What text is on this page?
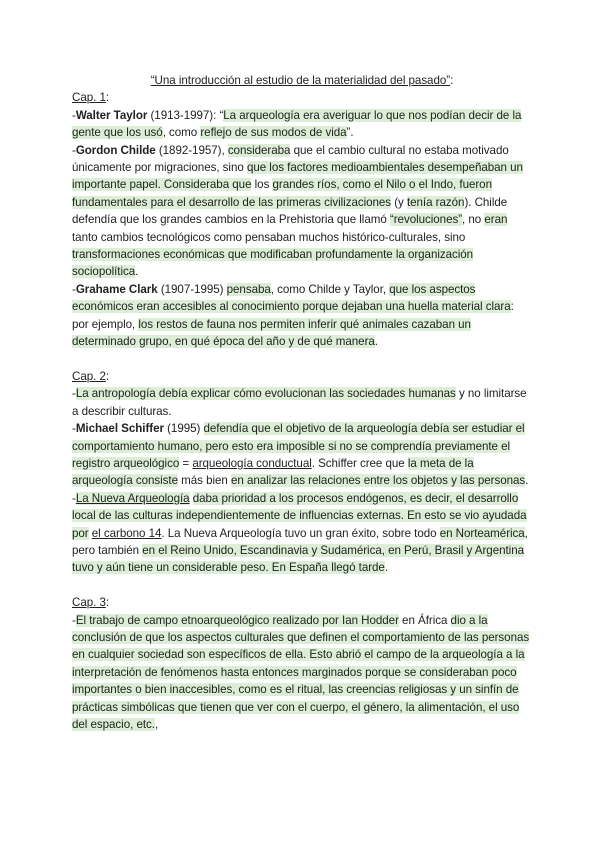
“Una introducción al estudio de la materialidad del pasado”:

Cap. 1:

-Walter Taylor (1913-1997): “La arqueología era averiguar lo que nos podían decir de la gente que los usó, como reflejo de sus modos de vida”.

-Gordon Childe (1892-1957), consideraba que el cambio cultural no estaba motivado únicamente por migraciones, sino que los factores medioambientales desempeñaban un importante papel. Consideraba que los grandes ríos, como el Nilo o el Indo, fueron fundamentales para el desarrollo de las primeras civilizaciones (y tenía razón). Childe defendía que los grandes cambios en la Prehistoria que llamó “revoluciones”, no eran tanto cambios tecnológicos como pensaban muchos histórico-culturales, sino transformaciones económicas que modificaban profundamente la organización sociopolítica.

-Grahame Clark (1907-1995) pensaba, como Childe y Taylor, que los aspectos económicos eran accesibles al conocimiento porque dejaban una huella material clara: por ejemplo, los restos de fauna nos permiten inferir qué animales cazaban un determinado grupo, en qué época del año y de qué manera.

Cap. 2:

-La antropología debía explicar cómo evolucionan las sociedades humanas y no limitarse a describir culturas.

-Michael Schiffer (1995) defendía que el objetivo de la arqueología debía ser estudiar el comportamiento humano, pero esto era imposible si no se comprendía previamente el registro arqueológico = arqueología conductual. Schiffer cree que la meta de la arqueología consiste más bien en analizar las relaciones entre los objetos y las personas.

-La Nueva Arqueología daba prioridad a los procesos endógenos, es decir, el desarrollo local de las culturas independientemente de influencias externas. En esto se vio ayudada por el carbono 14. La Nueva Arqueología tuvo un gran éxito, sobre todo en Norteamérica, pero también en el Reino Unido, Escandinavia y Sudamérica, en Perú, Brasil y Argentina tuvo y aún tiene un considerable peso. En España llegó tarde.

Cap. 3:

-El trabajo de campo etnoarqueológico realizado por Ian Hodder en África dio a la conclusión de que los aspectos culturales que definen el comportamiento de las personas en cualquier sociedad son específicos de ella. Esto abrió el campo de la arqueología a la interpretación de fenómenos hasta entonces marginados porque se consideraban poco importantes o bien inaccesibles, como es el ritual, las creencias religiosas y un sinfín de prácticas simbólicas que tienen que ver con el cuerpo, el género, la alimentación, el uso del espacio, etc.,
